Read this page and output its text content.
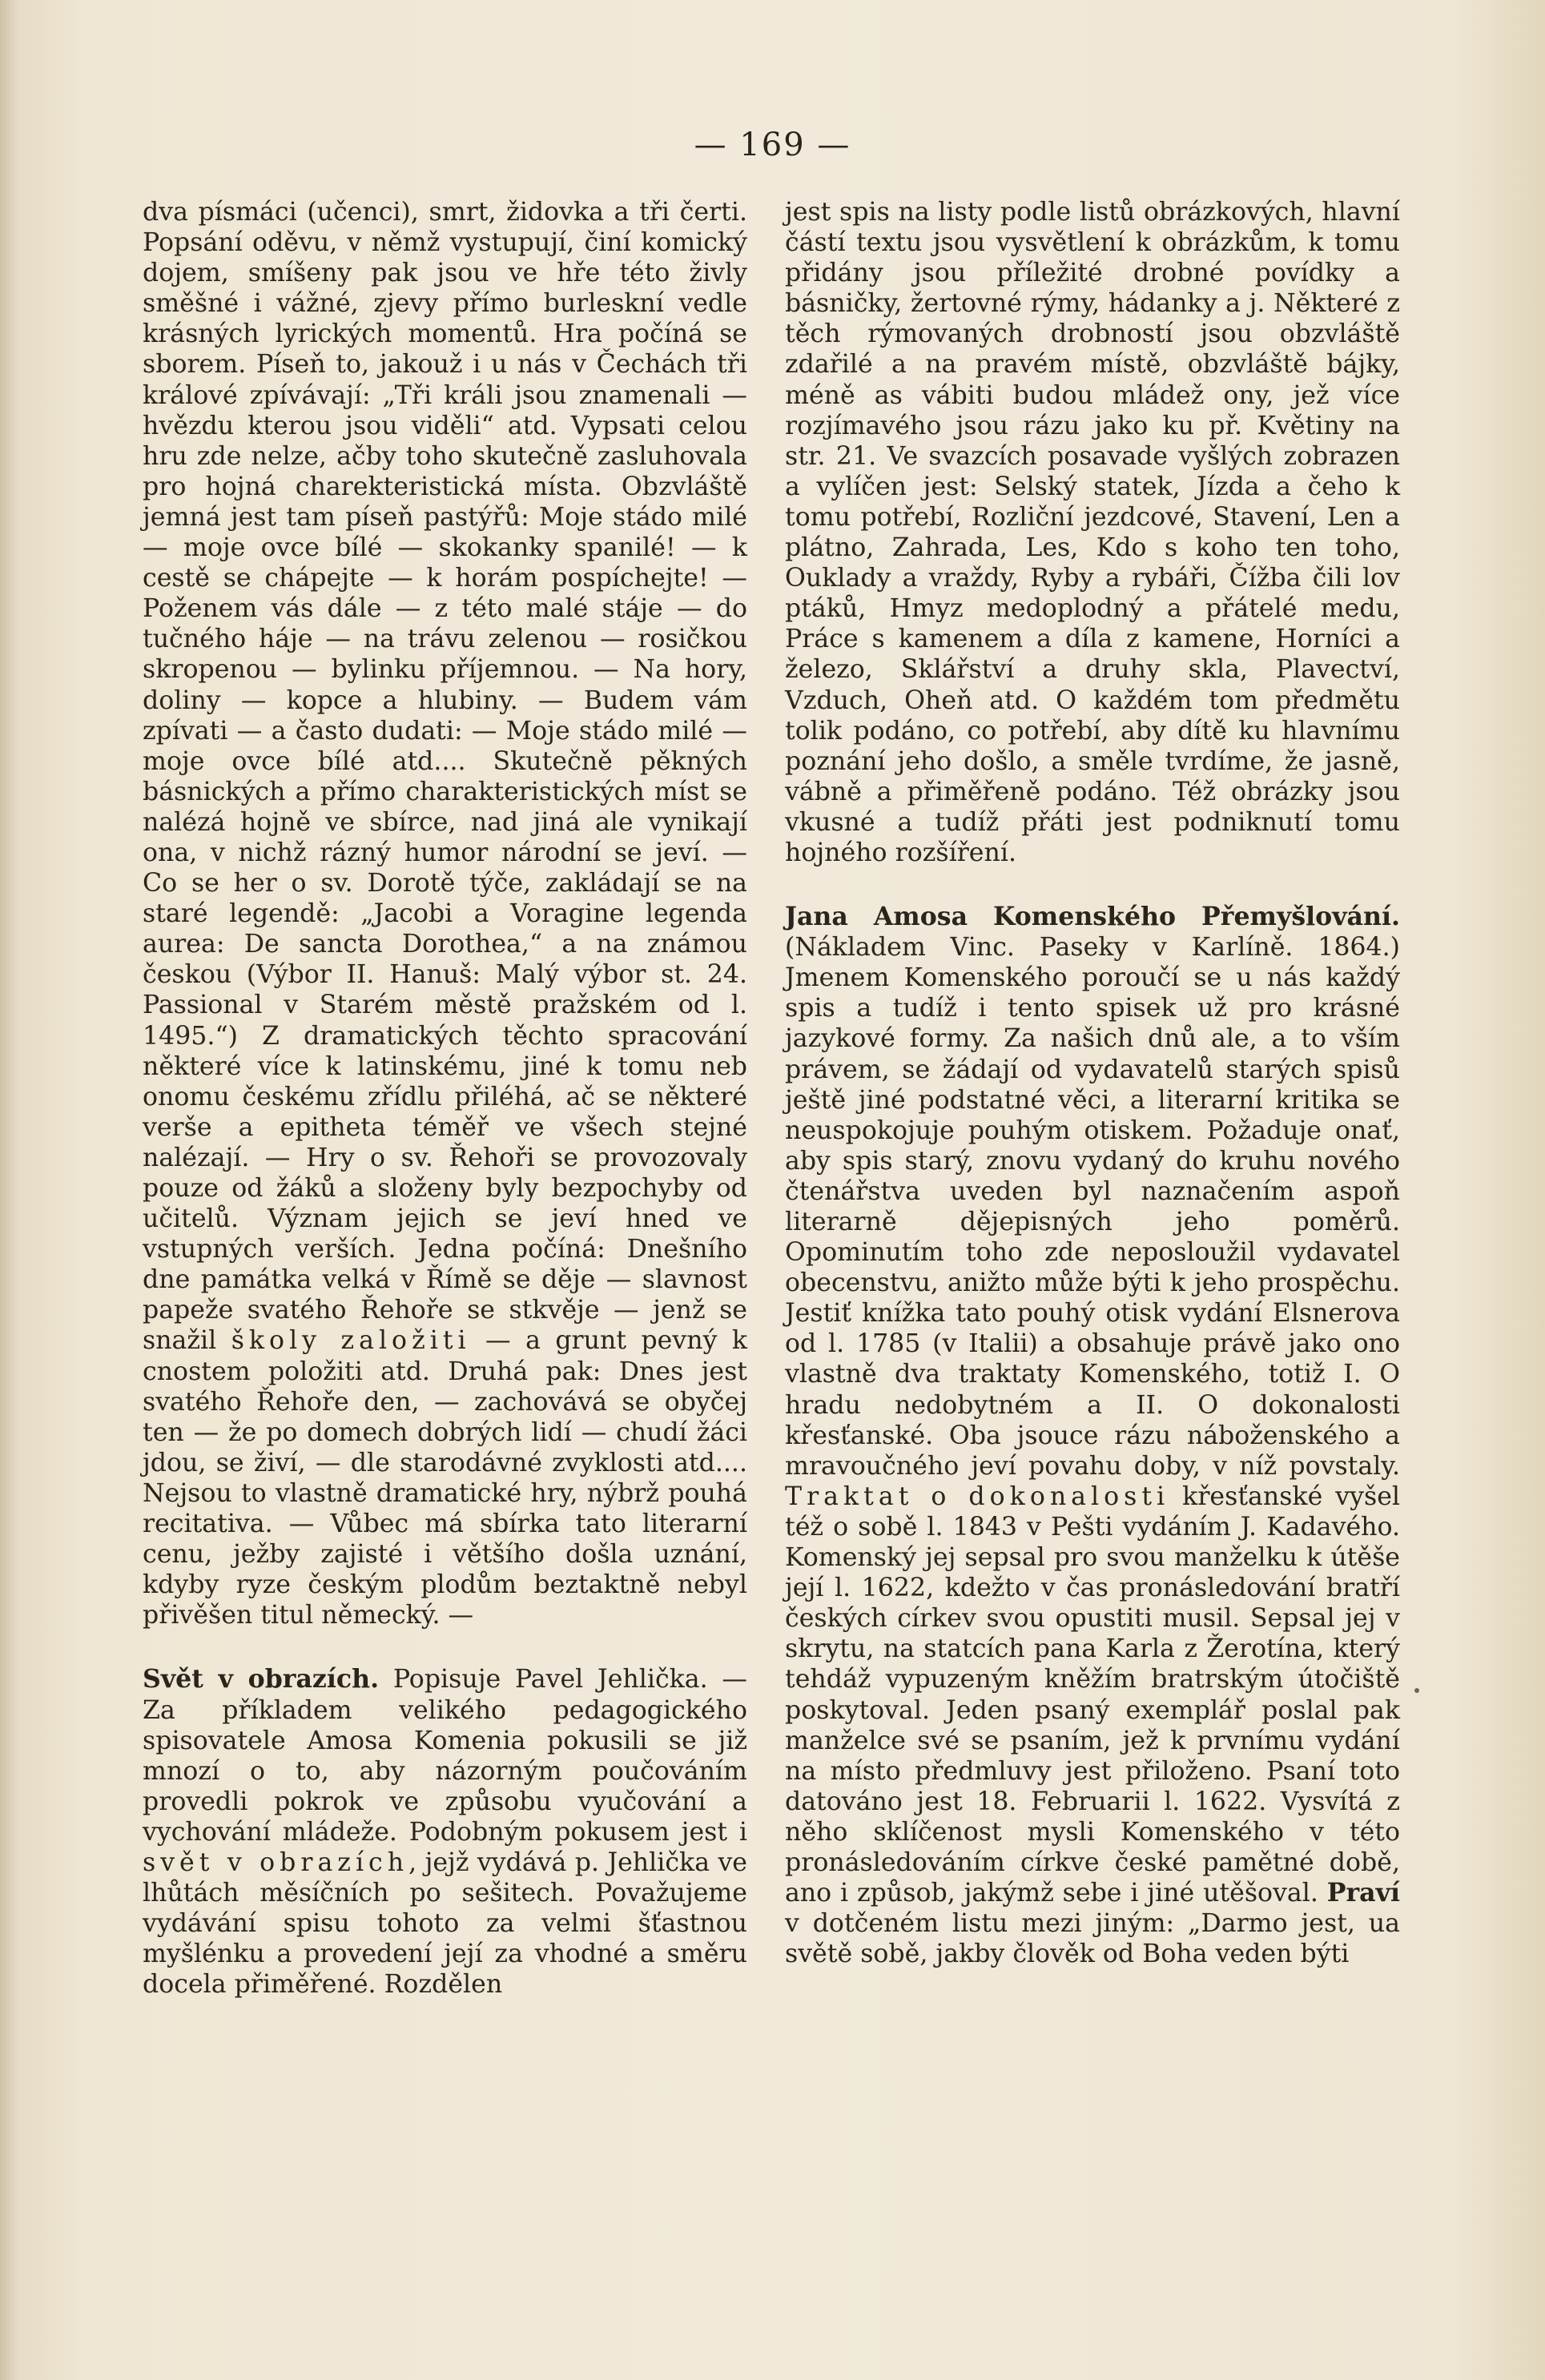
— 169 —

dva písmáci (učenci), smrt, židovka a tři čerti. Popsání oděvu, v němž vystupují, činí komický dojem, smíšeny pak jsou ve hře této živly směšné i vážné, zjevy přímo burleskní vedle krásných lyrických momentů. Hra počíná se sborem. Píseň to, jakouž i u nás v Čechách tři králové zpívávají: „Tři králi jsou znamenali — hvězdu kterou jsou viděli“ atd. Vypsati celou hru zde nelze, ačby toho skutečně zasluhovala pro hojná charekteristická místa. Obzvláště jemná jest tam píseň pastýřů: Moje stádo milé — moje ovce bílé — skokanky spanilé! — k cestě se chápejte — k horám pospíchejte! — Poženem vás dále — z této malé stáje — do tučného háje — na trávu zelenou — rosičkou skropenou — bylinku příjemnou. — Na hory, doliny — kopce a hlubiny. — Budem vám zpívati — a často dudati: — Moje stádo milé — moje ovce bílé atd.... Skutečně pěkných básnických a přímo charakteristických míst se nalézá hojně ve sbírce, nad jiná ale vynikají ona, v nichž rázný humor národní se jeví. — Co se her o sv. Dorotě týče, zakládají se na staré legendě: „Jacobi a Voragine legenda aurea: De sancta Dorothea,“ a na známou českou (Výbor II. Hanuš: Malý výbor st. 24. Passional v Starém městě pražském od l. 1495.“) Z dramatických těchto spracování některé více k latinskému, jiné k tomu neb onomu českému zřídlu přiléhá, ač se některé verše a epitheta téměř ve všech stejné nalézají. — Hry o sv. Řehoři se provozovaly pouze od žáků a složeny byly bezpochyby od učitelů. Význam jejich se jeví hned ve vstupných verších. Jedna počíná: Dnešního dne památka velká v Římě se děje — slavnost papeže svatého Řehoře se stkvěje — jenž se snažil školy založiti — a grunt pevný k cnostem položiti atd. Druhá pak: Dnes jest svatého Řehoře den, — zachovává se obyčej ten — že po domech dobrých lidí — chudí žáci jdou, se živí, — dle starodávné zvyklosti atd.... Nejsou to vlastně dramatické hry, nýbrž pouhá recitativa. — Vůbec má sbírka tato literarní cenu, ježby zajisté i většího došla uznání, kdyby ryze českým plodům beztaktně nebyl přivěšen titul německý. —

Svět v obrazích. Popisuje Pavel Jehlička. — Za příkladem velikého pedagogického spisovatele Amosa Komenia pokusili se již mnozí o to, aby názorným poučováním provedli pokrok ve způsobu vyučování a vychování mládeže. Podobným pokusem jest i svět v obrazích, jejž vydává p. Jehlička ve lhůtách měsíčních po sešitech. Považujeme vydávání spisu tohoto za velmi šťastnou myšlénku a provedení její za vhodné a směru docela přiměřené. Rozdělen

jest spis na listy podle listů obrázkových, hlavní částí textu jsou vysvětlení k obrázkům, k tomu přidány jsou příležité drobné povídky a básničky, žertovné rýmy, hádanky a j. Některé z těch rýmovaných drobností jsou obzvláště zdařilé a na pravém místě, obzvláště bájky, méně as vábiti budou mládež ony, jež více rozjímavého jsou rázu jako ku př. Květiny na str. 21. Ve svazcích posavade vyšlých zobrazen a vylíčen jest: Selský statek, Jízda a čeho k tomu potřebí, Rozliční jezdcové, Stavení, Len a plátno, Zahrada, Les, Kdo s koho ten toho, Ouklady a vraždy, Ryby a rybáři, Čížba čili lov ptáků, Hmyz medoplodný a přátelé medu, Práce s kamenem a díla z kamene, Horníci a železo, Sklářství a druhy skla, Plavectví, Vzduch, Oheň atd. O každém tom předmětu tolik podáno, co potřebí, aby dítě ku hlavnímu poznání jeho došlo, a směle tvrdíme, že jasně, vábně a přiměřeně podáno. Též obrázky jsou vkusné a tudíž přáti jest podniknutí tomu hojného rozšíření.

Jana Amosa Komenského Přemyšlování. (Nákladem Vinc. Paseky v Karlíně. 1864.) Jmenem Komenského poroučí se u nás každý spis a tudíž i tento spisek už pro krásné jazykové formy. Za našich dnů ale, a to vším právem, se žádají od vydavatelů starých spisů ještě jiné podstatné věci, a literarní kritika se neuspokojuje pouhým otiskem. Požaduje onať, aby spis starý, znovu vydaný do kruhu nového čtenářstva uveden byl naznačením aspoň literarně dějepisných jeho poměrů. Opominutím toho zde neposloužil vydavatel obecenstvu, anižto může býti k jeho prospěchu. Jestiť knížka tato pouhý otisk vydání Elsnerova od l. 1785 (v Italii) a obsahuje právě jako ono vlastně dva traktaty Komenského, totiž I. O hradu nedobytném a II. O dokonalosti křesťanské. Oba jsouce rázu náboženského a mravoučného jeví povahu doby, v níž povstaly. Traktat o dokonalosti křesťanské vyšel též o sobě l. 1843 v Pešti vydáním J. Kadavého. Komenský jej sepsal pro svou manželku k útěše její l. 1622, kdežto v čas pronásledování bratří českých církev svou opustiti musil. Sepsal jej v skrytu, na statcích pana Karla z Žerotína, který tehdáž vypuzeným kněžím bratrským útočiště poskytoval. Jeden psaný exemplář poslal pak manželce své se psaním, jež k prvnímu vydání na místo předmluvy jest přiloženo. Psaní toto datováno jest 18. Februarii l. 1622. Vysvítá z něho sklíčenost mysli Komenského v této pronásledováním církve české pamětné době, ano i způsob, jakýmž sebe i jiné utěšoval. Praví v dotčeném listu mezi jiným: „Darmo jest, ua světě sobě, jakby člověk od Boha veden býti
